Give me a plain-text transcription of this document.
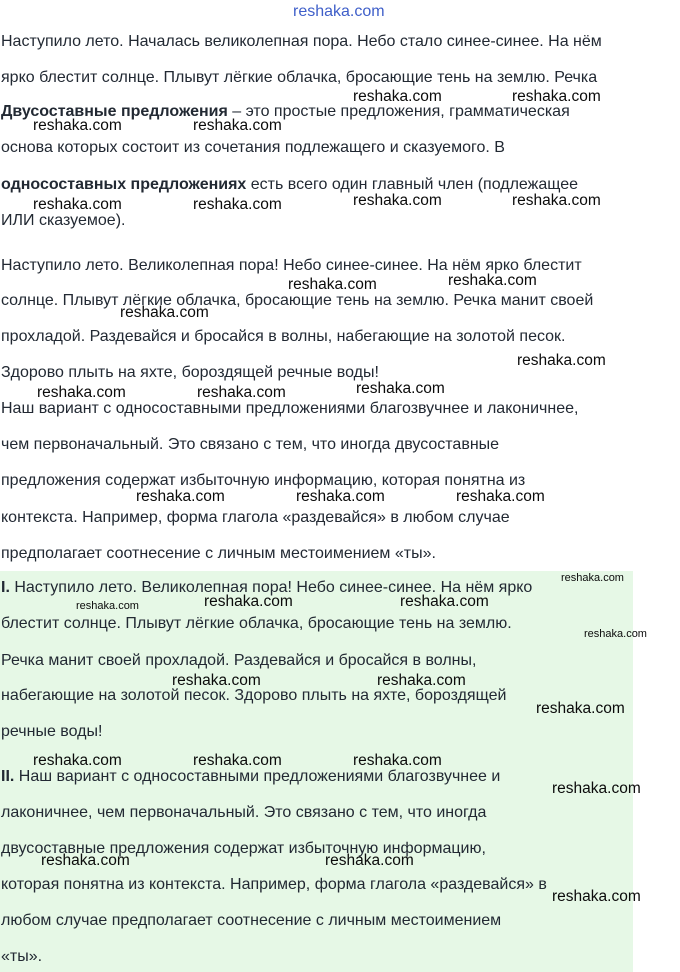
reshaka.com
Наступило лето. Началась великолепная пора. Небо стало синее-синее. На нём
ярко блестит солнце. Плывут лёгкие облачка, бросающие тень на землю. Речка
Двусоставные предложения – это простые предложения, грамматическая
основа которых состоит из сочетания подлежащего и сказуемого. В
односоставных предложениях есть всего один главный член (подлежащее
ИЛИ сказуемое).
Наступило лето. Великолепная пора! Небо синее-синее. На нём ярко блестит
солнце. Плывут лёгкие облачка, бросающие тень на землю. Речка манит своей
прохладой. Раздевайся и бросайся в волны, набегающие на золотой песок.
Здорово плыть на яхте, бороздящей речные воды!
Наш вариант с односоставными предложениями благозвучнее и лаконичнее,
чем первоначальный. Это связано с тем, что иногда двусоставные
предложения содержат избыточную информацию, которая понятна из
контекста. Например, форма глагола «раздевайся» в любом случае
предполагает соотнесение с личным местоимением «ты».
I. Наступило лето. Великолепная пора! Небо синее-синее. На нём ярко
блестит солнце. Плывут лёгкие облачка, бросающие тень на землю.
Речка манит своей прохладой. Раздевайся и бросайся в волны,
набегающие на золотой песок. Здорово плыть на яхте, бороздящей
речные воды!
II. Наш вариант с односоставными предложениями благозвучнее и
лаконичнее, чем первоначальный. Это связано с тем, что иногда
двусоставные предложения содержат избыточную информацию,
которая понятна из контекста. Например, форма глагола «раздевайся» в
любом случае предполагает соотнесение с личным местоимением
«ты».
reshaka.com	reshaka.com
reshaka.com	reshaka.com
reshaka.com	reshaka.com
reshaka.com	reshaka.com
reshaka.com	reshaka.com
reshaka.com
reshaka.com
reshaka.com
reshaka.com	reshaka.com
reshaka.com	reshaka.com	reshaka.com
reshaka.com
reshaka.com	reshaka.com	reshaka.com
reshaka.com
reshaka.com	reshaka.com
reshaka.com
reshaka.com	reshaka.com	reshaka.com
reshaka.com
reshaka.com	reshaka.com
reshaka.com
